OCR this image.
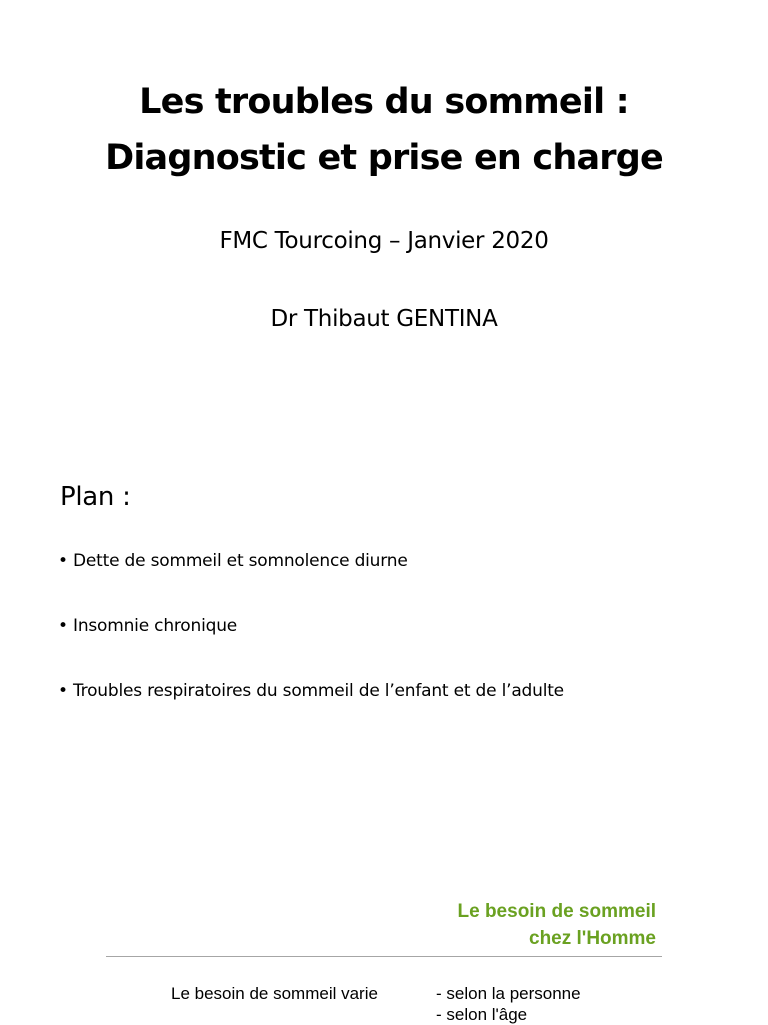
Les troubles du sommeil :
Diagnostic et prise en charge
FMC Tourcoing – Janvier 2020
Dr Thibaut GENTINA
Plan :
• Dette de sommeil et somnolence diurne
• Insomnie chronique
• Troubles respiratoires du sommeil de l’enfant et de l’adulte
Le besoin de sommeil
chez l'Homme
Le besoin de sommeil varie	- selon la personne
- selon l'âge
